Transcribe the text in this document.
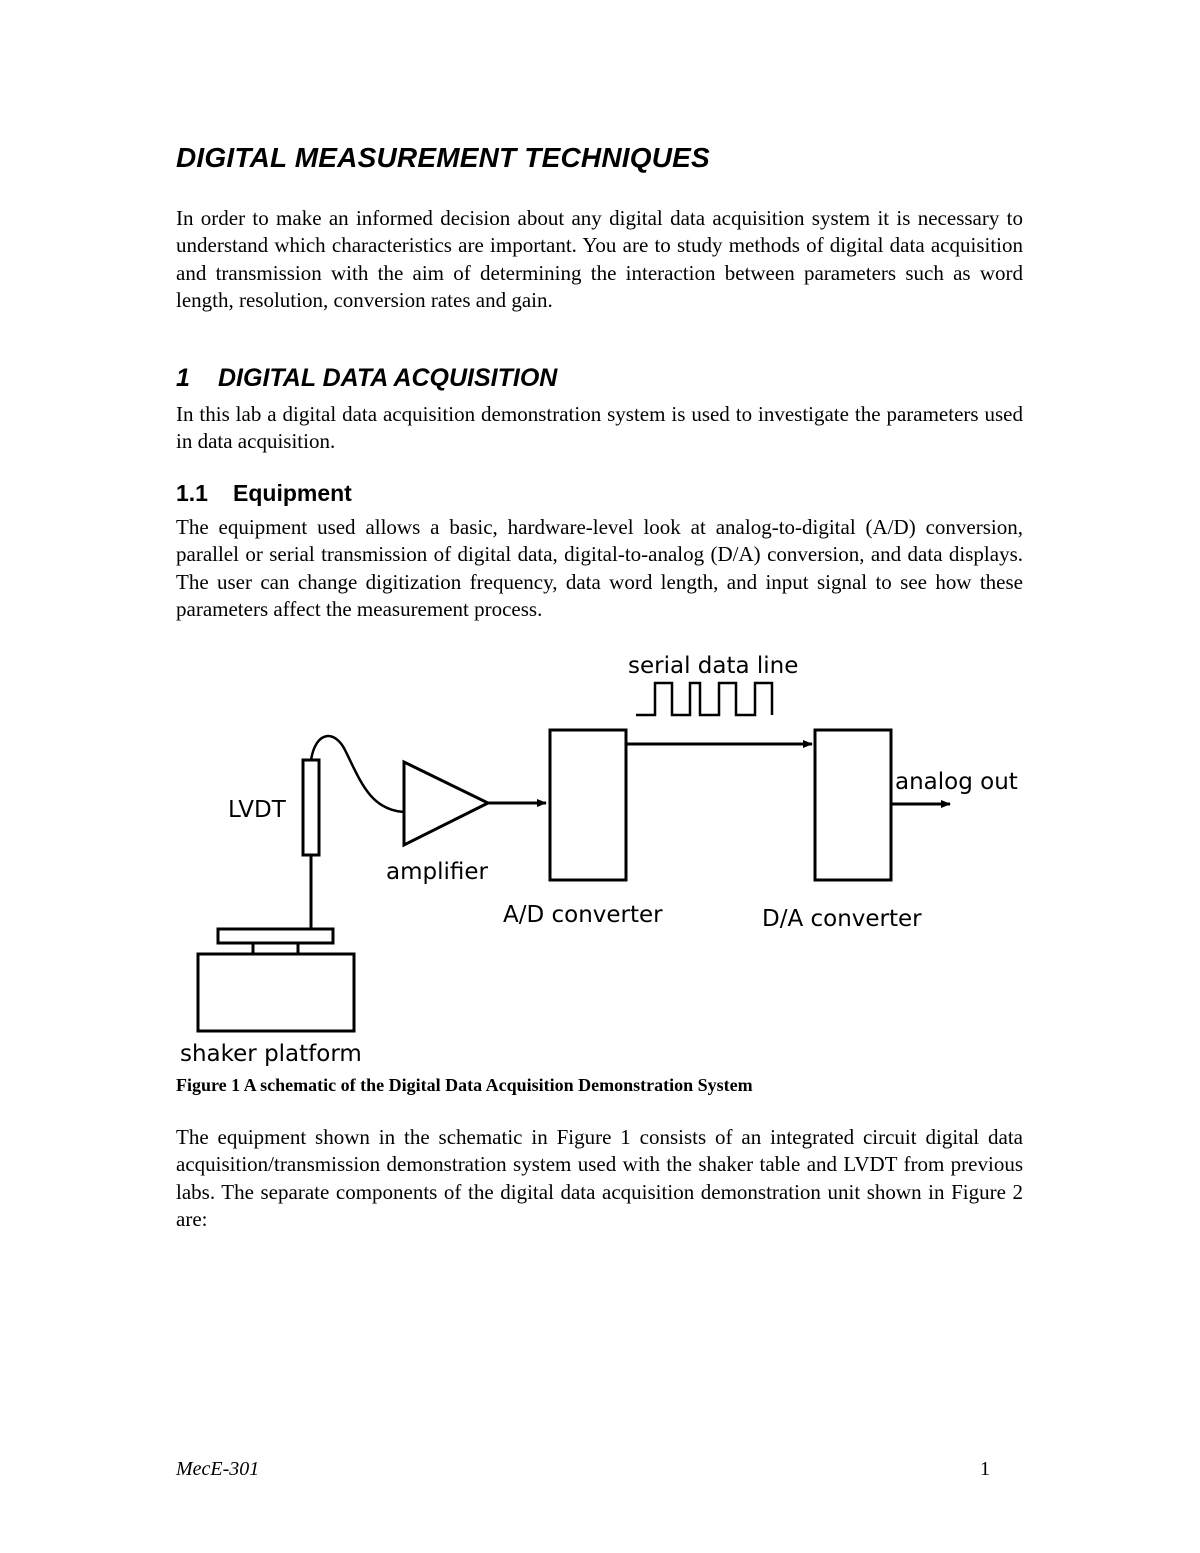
DIGITAL MEASUREMENT TECHNIQUES

In order to make an informed decision about any digital data acquisition system it is necessary to understand which characteristics are important. You are to study methods of digital data acquisition and transmission with the aim of determining the interaction between parameters such as word length, resolution, conversion rates and gain.

1 DIGITAL DATA ACQUISITION

In this lab a digital data acquisition demonstration system is used to investigate the parameters used in data acquisition.

1.1 Equipment

The equipment used allows a basic, hardware-level look at analog-to-digital (A/D) conversion, parallel or serial transmission of digital data, digital-to-analog (D/A) conversion, and data displays. The user can change digitization frequency, data word length, and input signal to see how these parameters affect the measurement process.

serial data line
LVDT
amplifier
A/D converter	D/A converter
analog out
shaker platform

Figure 1 A schematic of the Digital Data Acquisition Demonstration System

The equipment shown in the schematic in Figure 1 consists of an integrated circuit digital data acquisition/transmission demonstration system used with the shaker table and LVDT from previous labs. The separate components of the digital data acquisition demonstration unit shown in Figure 2 are:

MecE-301	1
